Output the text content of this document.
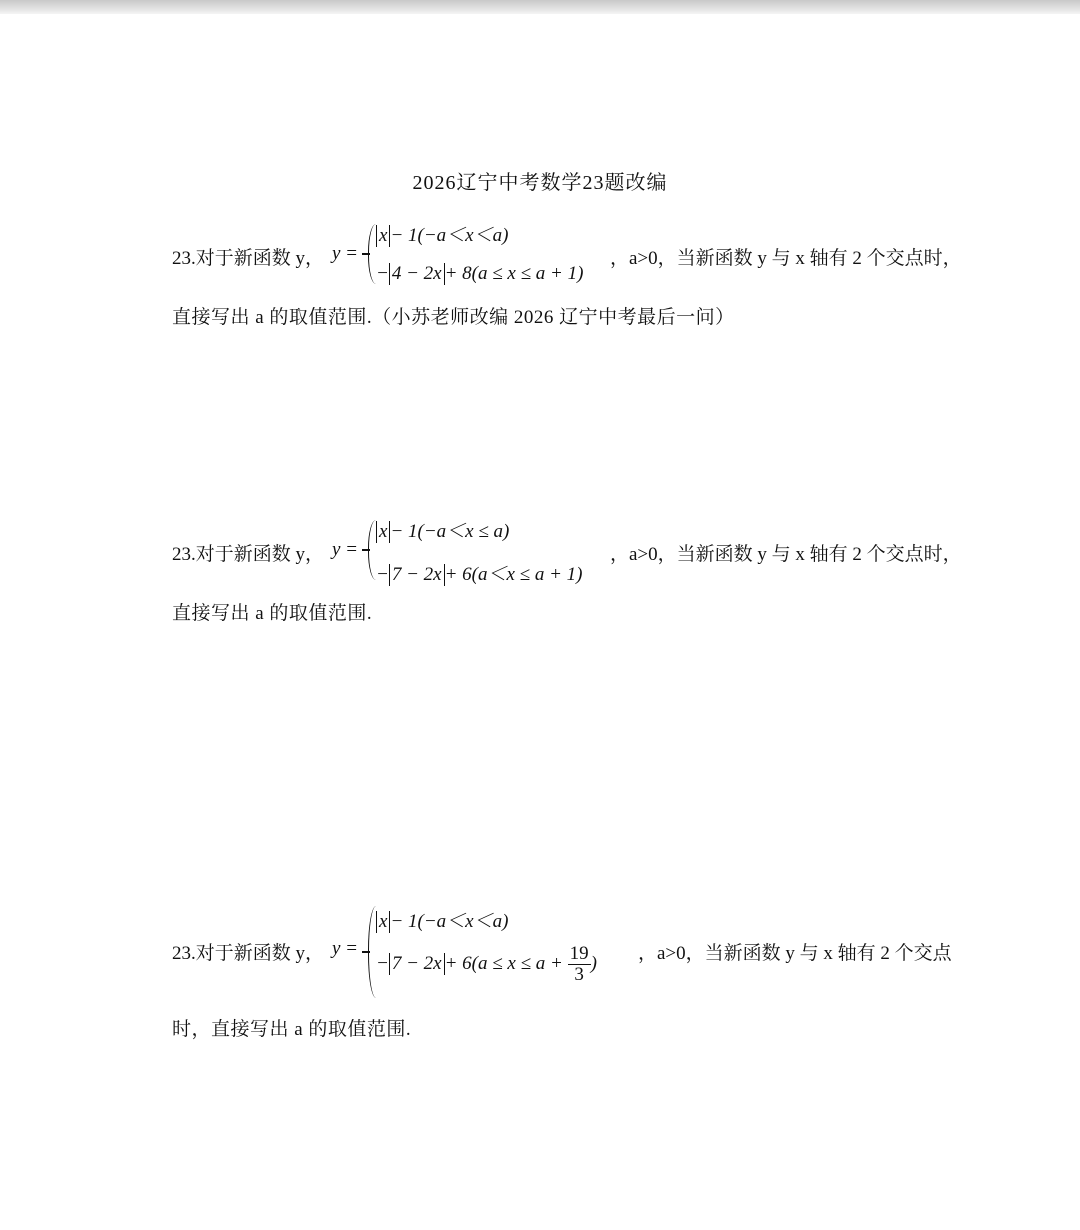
2026辽宁中考数学23题改编
23.对于新函数 y， y =
x − 1(−a＜x＜a)
− 4 − 2x + 8(a ≤ x ≤ a + 1)
，a>0，当新函数 y 与 x 轴有 2 个交点时，
直接写出 a 的取值范围.（小苏老师改编 2026 辽宁中考最后一问）
23.对于新函数 y， y =
x − 1(−a＜x ≤ a)
− 7 − 2x + 6(a＜x ≤ a + 1)
，a>0，当新函数 y 与 x 轴有 2 个交点时，
直接写出 a 的取值范围.
23.对于新函数 y， y =
x − 1(−a＜x＜a)
− $7 - 2x + 6(a \le x \le a + \frac{19}{3}$ ) ，a>0，当新函数 y 与 x 轴有 2 个交点
时，直接写出 a 的取值范围.
